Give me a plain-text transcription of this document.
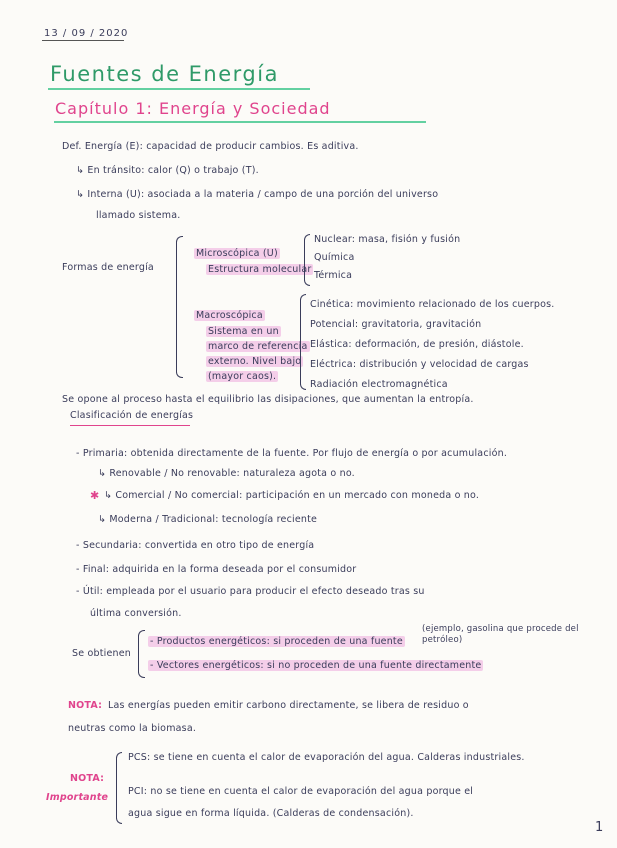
13 / 09 / 2020
Fuentes de Energía
Capítulo 1: Energía y Sociedad
Def. Energía (E): capacidad de producir cambios. Es aditiva.
↳ En tránsito: calor (Q) o trabajo (T).
↳ Interna (U): asociada a la materia / campo de una porción del universo
llamado sistema.
Formas de energía
Microscópica (U)
Estructura molecular
Nuclear: masa, fisión y fusión
Química
Térmica
Macroscópica
Sistema en un
marco de referencia
externo. Nivel bajo
(mayor caos).
Cinética: movimiento relacionado de los cuerpos.
Potencial: gravitatoria, gravitación
Elástica: deformación, de presión, diástole.
Eléctrica: distribución y velocidad de cargas
Radiación electromagnética
Se opone al proceso hasta el equilibrio las disipaciones, que aumentan la entropía.
Clasificación de energías
- Primaria: obtenida directamente de la fuente. Por flujo de energía o por acumulación.
↳ Renovable / No renovable: naturaleza agota o no.
✱ ↳ Comercial / No comercial: participación en un mercado con moneda o no.
↳ Moderna / Tradicional: tecnología reciente
- Secundaria: convertida en otro tipo de energía
- Final: adquirida en la forma deseada por el consumidor
- Útil: empleada por el usuario para producir el efecto deseado tras su
última conversión.
Se obtienen
- Productos energéticos: si proceden de una fuente
(ejemplo, gasolina que procede del petróleo)
- Vectores energéticos: si no proceden de una fuente directamente
NOTA: Las energías pueden emitir carbono directamente, se libera de residuo o
neutras como la biomasa.
NOTA:
Importante
PCS: se tiene en cuenta el calor de evaporación del agua. Calderas industriales.
PCI: no se tiene en cuenta el calor de evaporación del agua porque el
agua sigue en forma líquida. (Calderas de condensación).
1
